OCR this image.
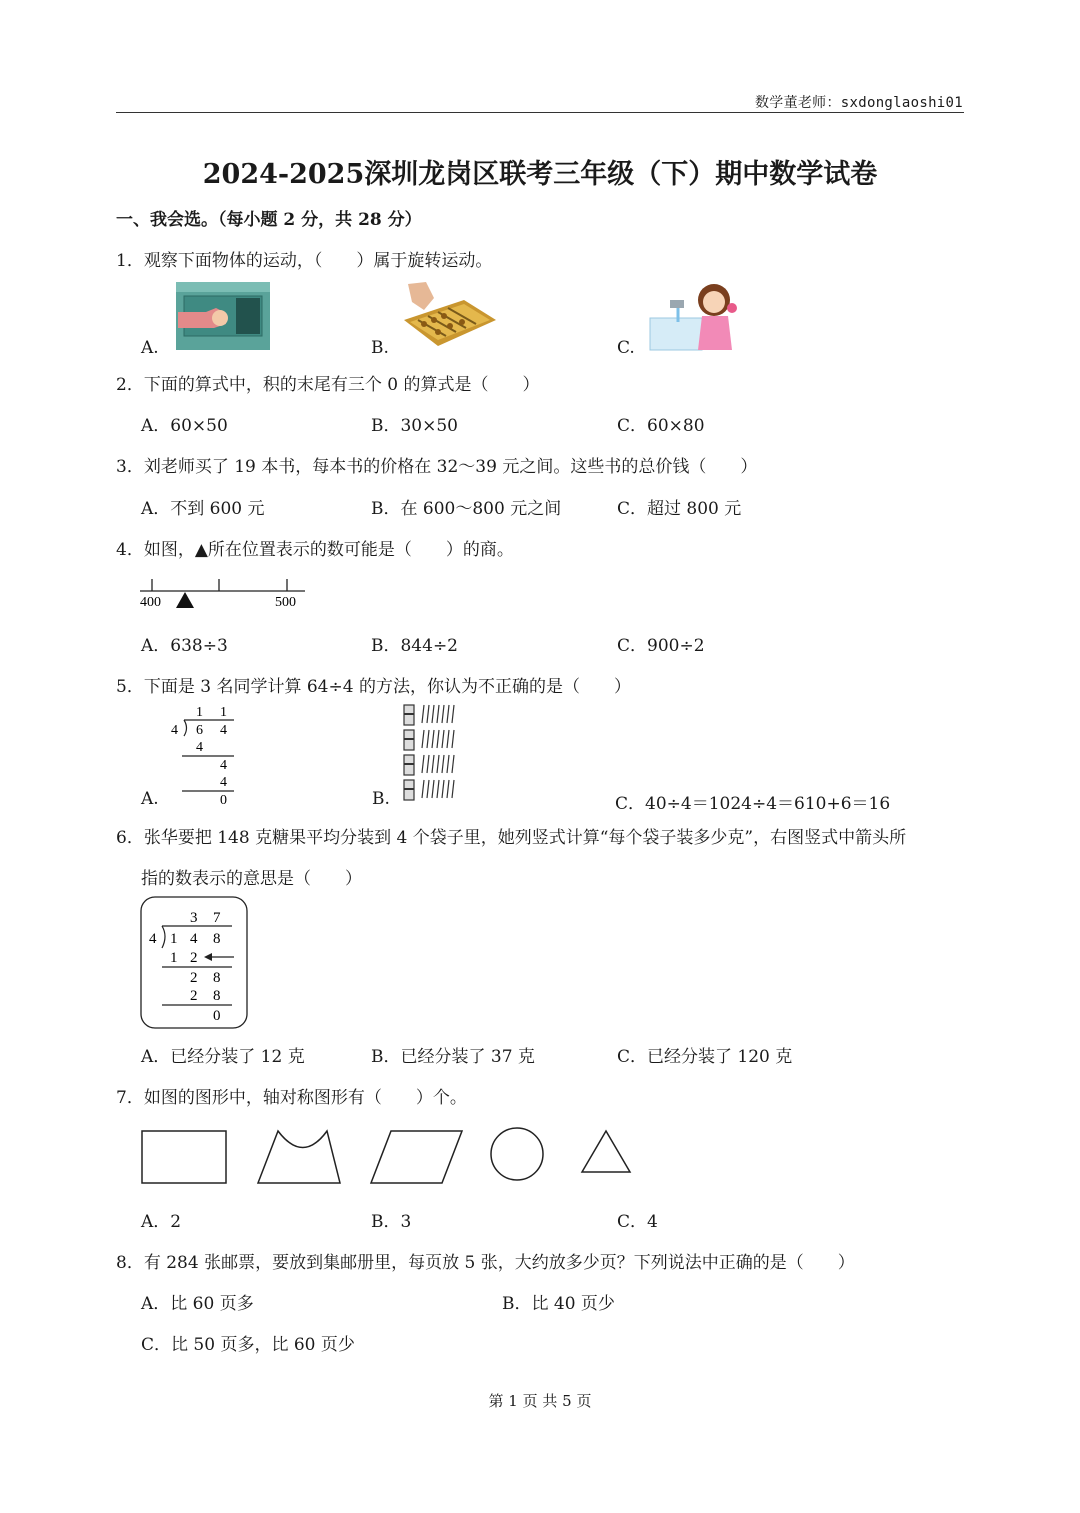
数学董老师：sxdonglaoshi01
2024-2025深圳龙岗区联考三年级（下）期中数学试卷
一、我会选。（每小题 2 分，共 28 分）
1．观察下面物体的运动，（　　）属于旋转运动。
A.	B.	C.
2．下面的算式中，积的末尾有三个 0 的算式是（　　）
A．60×50	B．30×50	C．60×80
3．刘老师买了 19 本书，每本书的价格在 32～39 元之间。这些书的总价钱（　　）
A．不到 600 元	B．在 600～800 元之间	C．超过 800 元
4．如图，▲所在位置表示的数可能是（　　）的商。
400	500
A．638÷3	B．844÷2	C．900÷2
5．下面是 3 名同学计算 64÷4 的方法，你认为不正确的是（　　）
1 1
4 6 4
4
4
4
0
A.	B.	C．40÷4＝1024÷4＝610+6＝16
6．张华要把 148 克糖果平均分装到 4 个袋子里，她列竖式计算“每个袋子装多少克”，右图竖式中箭头所
指的数表示的意思是（　　）
3 7
4 1 4 8
1 2
2 8
2 8
0
A．已经分装了 12 克	B．已经分装了 37 克	C．已经分装了 120 克
7．如图的图形中，轴对称图形有（　　）个。
A．2	B．3	C．4
8．有 284 张邮票，要放到集邮册里，每页放 5 张，大约放多少页？下列说法中正确的是（　　）
A．比 60 页多	B．比 40 页少
C．比 50 页多，比 60 页少
第 1 页 共 5 页
